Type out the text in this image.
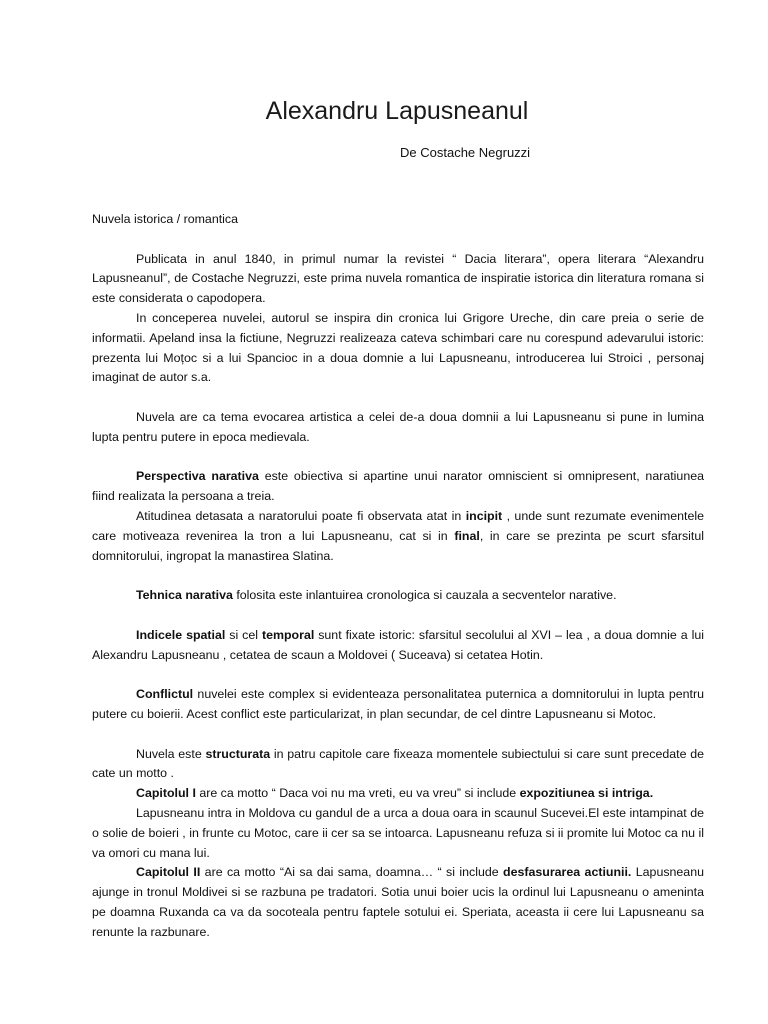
Alexandru Lapusneanul
De Costache Negruzzi

Nuvela istorica / romantica

Publicata in anul 1840, in primul numar la revistei “ Dacia literara”, opera literara “Alexandru Lapusneanul”, de Costache Negruzzi, este prima nuvela romantica de inspiratie istorica din literatura romana si este considerata o capodopera.

In conceperea nuvelei, autorul se inspira din cronica lui Grigore Ureche, din care preia o serie de informatii. Apeland insa la fictiune, Negruzzi realizeaza cateva schimbari care nu corespund adevarului istoric: prezenta lui Moțoc si a lui Spancioc in a doua domnie a lui Lapusneanu, introducerea lui Stroici , personaj imaginat de autor s.a.

Nuvela are ca tema evocarea artistica a celei de-a doua domnii a lui Lapusneanu si pune in lumina lupta pentru putere in epoca medievala.

Perspectiva narativa este obiectiva si apartine unui narator omniscient si omnipresent, naratiunea fiind realizata la persoana a treia.

Atitudinea detasata a naratorului poate fi observata atat in incipit , unde sunt rezumate evenimentele care motiveaza revenirea la tron a lui Lapusneanu, cat si in final, in care se prezinta pe scurt sfarsitul domnitorului, ingropat la manastirea Slatina.

Tehnica narativa folosita este inlantuirea cronologica si cauzala a secventelor narative.

Indicele spatial si cel temporal sunt fixate istoric: sfarsitul secolului al XVI – lea , a doua domnie a lui Alexandru Lapusneanu , cetatea de scaun a Moldovei ( Suceava) si cetatea Hotin.

Conflictul nuvelei este complex si evidenteaza personalitatea puternica a domnitorului in lupta pentru putere cu boierii. Acest conflict este particularizat, in plan secundar, de cel dintre Lapusneanu si Motoc.

Nuvela este structurata in patru capitole care fixeaza momentele subiectului si care sunt precedate de cate un motto .

Capitolul I are ca motto “ Daca voi nu ma vreti, eu va vreu” si include expozitiunea si intriga.

Lapusneanu intra in Moldova cu gandul de a urca a doua oara in scaunul Sucevei.El este intampinat de o solie de boieri , in frunte cu Motoc, care ii cer sa se intoarca. Lapusneanu refuza si ii promite lui Motoc ca nu il va omori cu mana lui.

Capitolul II are ca motto “Ai sa dai sama, doamna… “ si include desfasurarea actiunii. Lapusneanu ajunge in tronul Moldivei si se razbuna pe tradatori. Sotia unui boier ucis la ordinul lui Lapusneanu o ameninta pe doamna Ruxanda ca va da socoteala pentru faptele sotului ei. Speriata, aceasta ii cere lui Lapusneanu sa renunte la razbunare.
